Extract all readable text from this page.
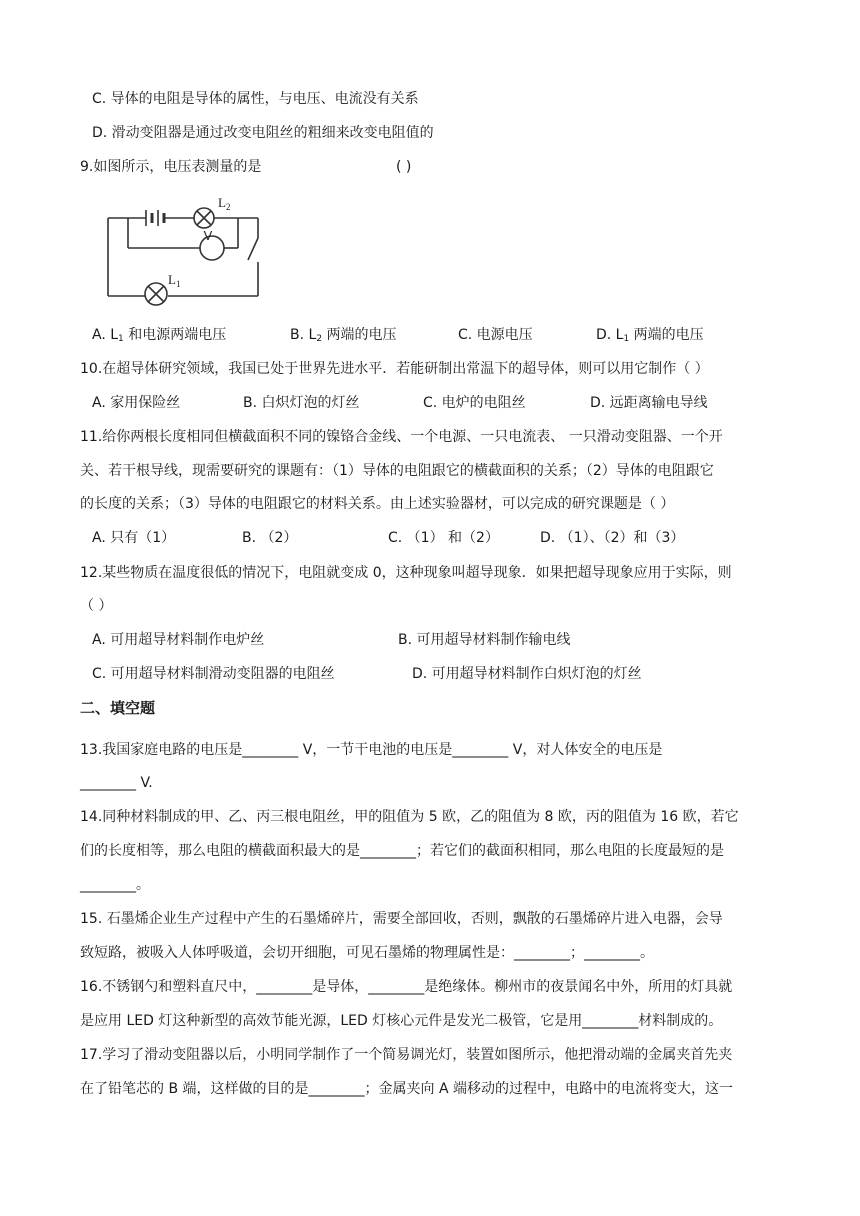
C. 导体的电阻是导体的属性，与电压、电流没有关系
D. 滑动变阻器是通过改变电阻丝的粗细来改变电阻值的
9.如图所示，电压表测量的是	( )
V
$L_2$
$L_1$
A. $L_1$ 和电源两端电压	B. $L_2$ 两端的电压	C. 电源电压	D. $L_1$ 两端的电压
10.在超导体研究领域，我国已处于世界先进水平．若能研制出常温下的超导体，则可以用它制作（ ）
A. 家用保险丝	B. 白炽灯泡的灯丝	C. 电炉的电阻丝	D. 远距离输电导线
11.给你两根长度相同但横截面积不同的镍铬合金线、一个电源、一只电流表、 一只滑动变阻器、一个开
关、若干根导线，现需要研究的课题有：（1）导体的电阻跟它的横截面积的关系；（2）导体的电阻跟它
的长度的关系；（3）导体的电阻跟它的材料关系。由上述实验器材，可以完成的研究课题是（ ）
A. 只有（1）	B. （2）	C. （1） 和（2）	D. （1）、（2）和（3）
12.某些物质在温度很低的情况下，电阻就变成 0，这种现象叫超导现象．如果把超导现象应用于实际，则
（ ）
A. 可用超导材料制作电炉丝	B. 可用超导材料制作输电线
C. 可用超导材料制滑动变阻器的电阻丝	D. 可用超导材料制作白炽灯泡的灯丝
二、填空题
13.我国家庭电路的电压是________ V，一节干电池的电压是________ V，对人体安全的电压是
________ V.
14.同种材料制成的甲、乙、丙三根电阻丝，甲的阻值为 5 欧，乙的阻值为 8 欧，丙的阻值为 16 欧，若它
们的长度相等，那么电阻的横截面积最大的是________；若它们的截面积相同，那么电阻的长度最短的是
________。
15. 石墨烯企业生产过程中产生的石墨烯碎片，需要全部回收，否则，飘散的石墨烯碎片进入电器，会导
致短路，被吸入人体呼吸道，会切开细胞，可见石墨烯的物理属性是：________；________。
16.不锈钢勺和塑料直尺中，________是导体，________是绝缘体。柳州市的夜景闻名中外，所用的灯具就
是应用 LED 灯这种新型的高效节能光源，LED 灯核心元件是发光二极管，它是用________材料制成的。
17.学习了滑动变阻器以后，小明同学制作了一个简易调光灯，装置如图所示，他把滑动端的金属夹首先夹
在了铅笔芯的 B 端，这样做的目的是________；金属夹向 A 端移动的过程中，电路中的电流将变大，这一
